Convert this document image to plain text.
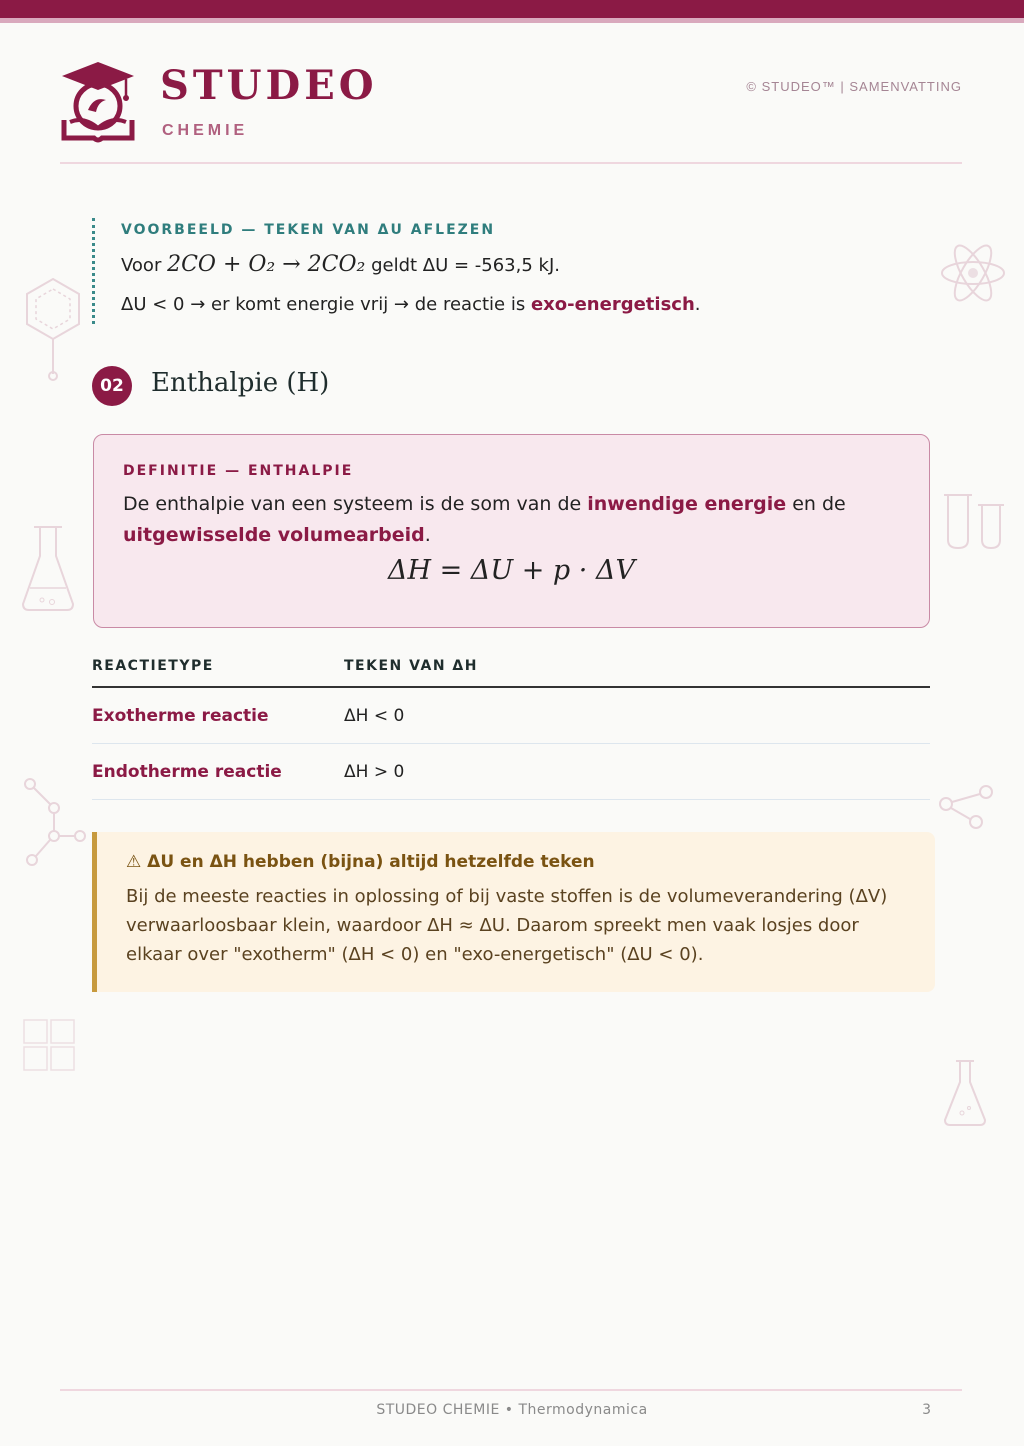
STUDEO
CHEMIE
© STUDEO™ | SAMENVATTING
VOORBEELD — TEKEN VAN ΔU AFLEZEN
Voor 2CO + O₂ → 2CO₂ geldt ΔU = -563,5 kJ.
ΔU < 0 → er komt energie vrij → de reactie is exo-energetisch.
02	Enthalpie (H)
DEFINITIE — ENTHALPIE
De enthalpie van een systeem is de som van de inwendige energie en de uitgewisselde volumearbeid.
ΔH = ΔU + p · ΔV
REACTIETYPE	TEKEN VAN ΔH
Exotherme reactie	ΔH < 0
Endotherme reactie	ΔH > 0
⚠ ΔU en ΔH hebben (bijna) altijd hetzelfde teken
Bij de meeste reacties in oplossing of bij vaste stoffen is de volumeverandering (ΔV) verwaarloosbaar klein, waardoor ΔH ≈ ΔU. Daarom spreekt men vaak losjes door elkaar over "exotherm" (ΔH < 0) en "exo-energetisch" (ΔU < 0).
STUDEO CHEMIE • Thermodynamica	3
